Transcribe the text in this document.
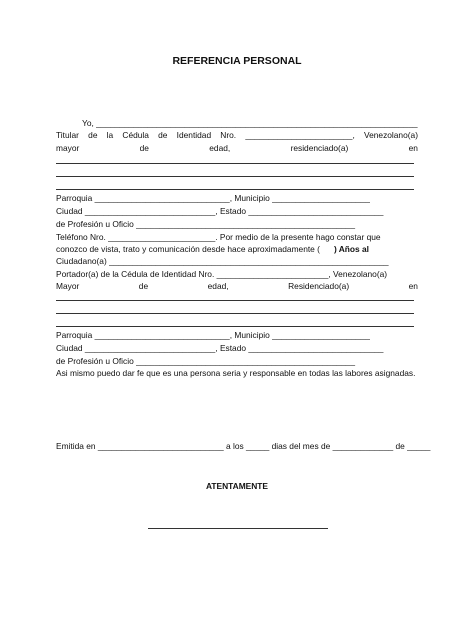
REFERENCIA PERSONAL
Yo, _____________________________________________________________________
Titular de la Cédula de Identidad Nro. _______________________, Venezolano(a)
mayor	de	edad,	residenciado(a)	en
Parroquia _____________________________, Municipio _____________________
Ciudad ____________________________, Estado _____________________________
de Profesión u Oficio _______________________________________________
Teléfono Nro. _______________________. Por medio de la presente hago constar que
conozco de vista, trato y comunicación desde hace aproximadamente ( ) Años al
Ciudadano(a) ____________________________________________________________
Portador(a) de la Cédula de Identidad Nro. ________________________, Venezolano(a)
Mayor	de	edad,	Residenciado(a)	en
Parroquia _____________________________, Municipio _____________________
Ciudad ____________________________, Estado _____________________________
de Profesión u Oficio _______________________________________________
Asi mismo puedo dar fe que es una persona seria y responsable en todas las labores asignadas.
Emitida en ___________________________ a los _____ dias del mes de _____________ de _____
ATENTAMENTE
